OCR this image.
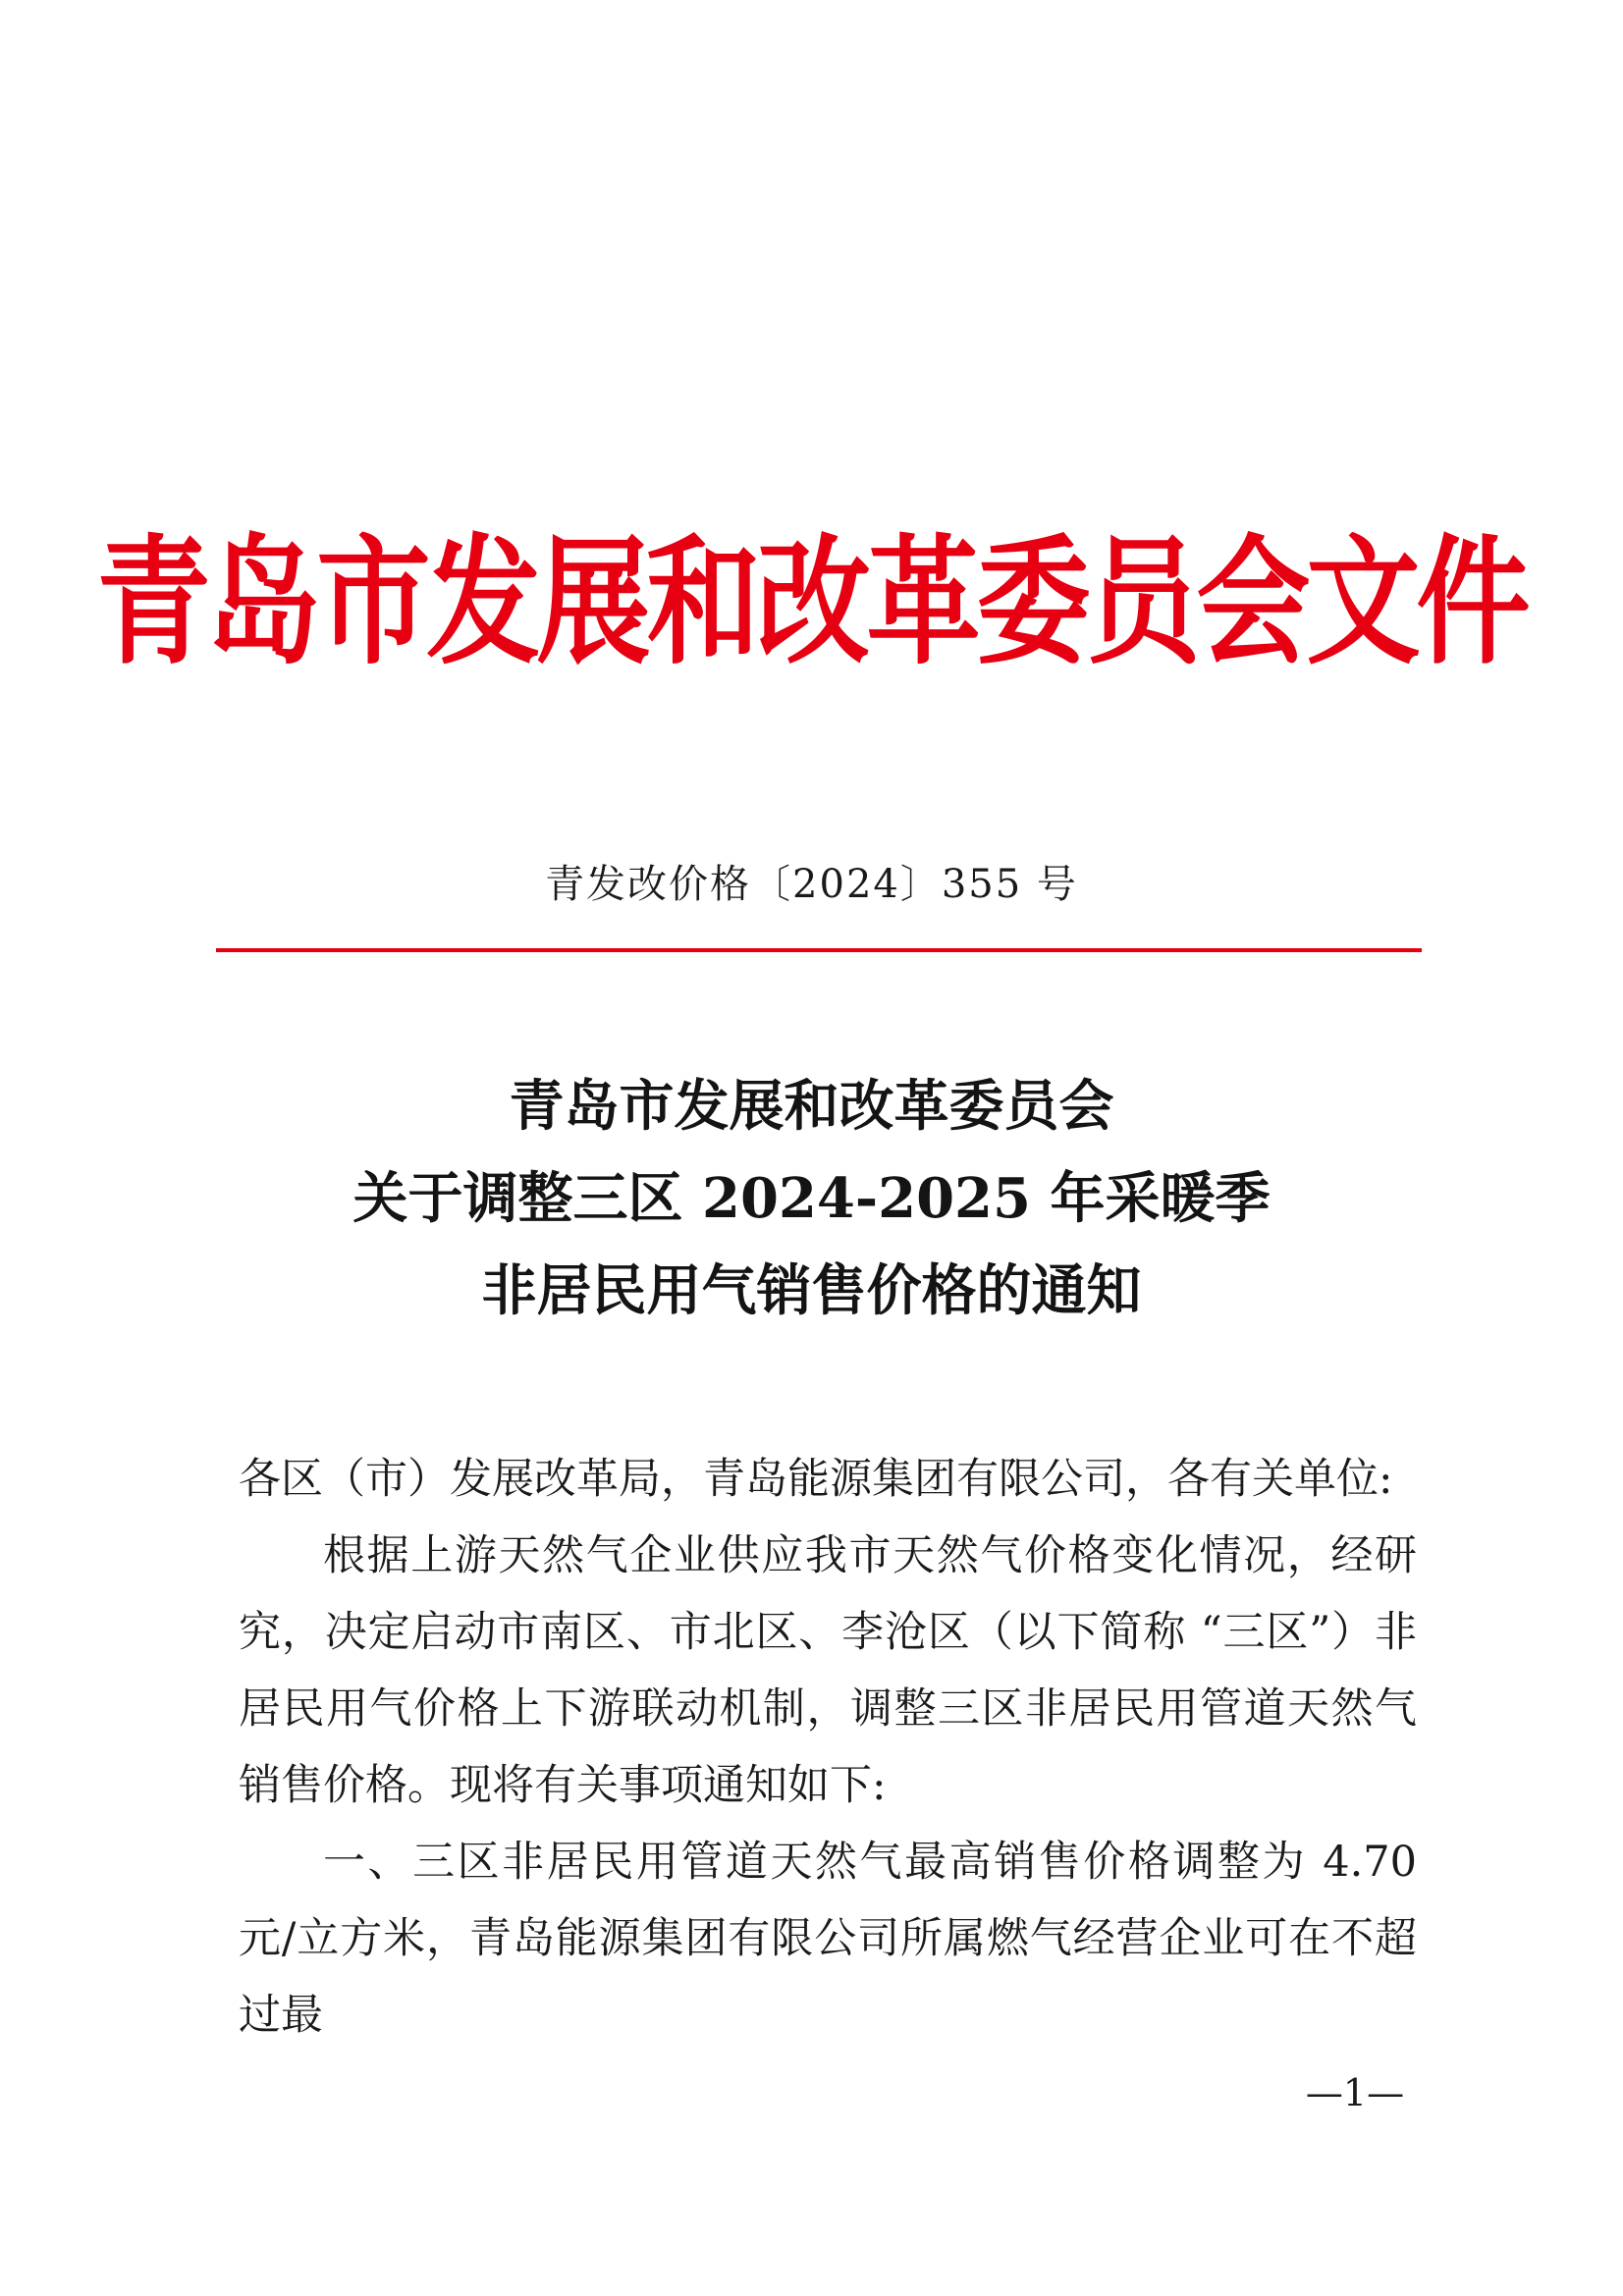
青岛市发展和改革委员会文件
青发改价格〔2024〕355 号
青岛市发展和改革委员会
关于调整三区 2024-2025 年采暖季
非居民用气销售价格的通知

各区（市）发展改革局，青岛能源集团有限公司，各有关单位:

根据上游天然气企业供应我市天然气价格变化情况，经研究，决定启动市南区、市北区、李沧区（以下简称 “三区”）非居民用气价格上下游联动机制，调整三区非居民用管道天然气销售价格。现将有关事项通知如下:

一、三区非居民用管道天然气最高销售价格调整为 4.70 元/立方米，青岛能源集团有限公司所属燃气经营企业可在不超过最

—1—
